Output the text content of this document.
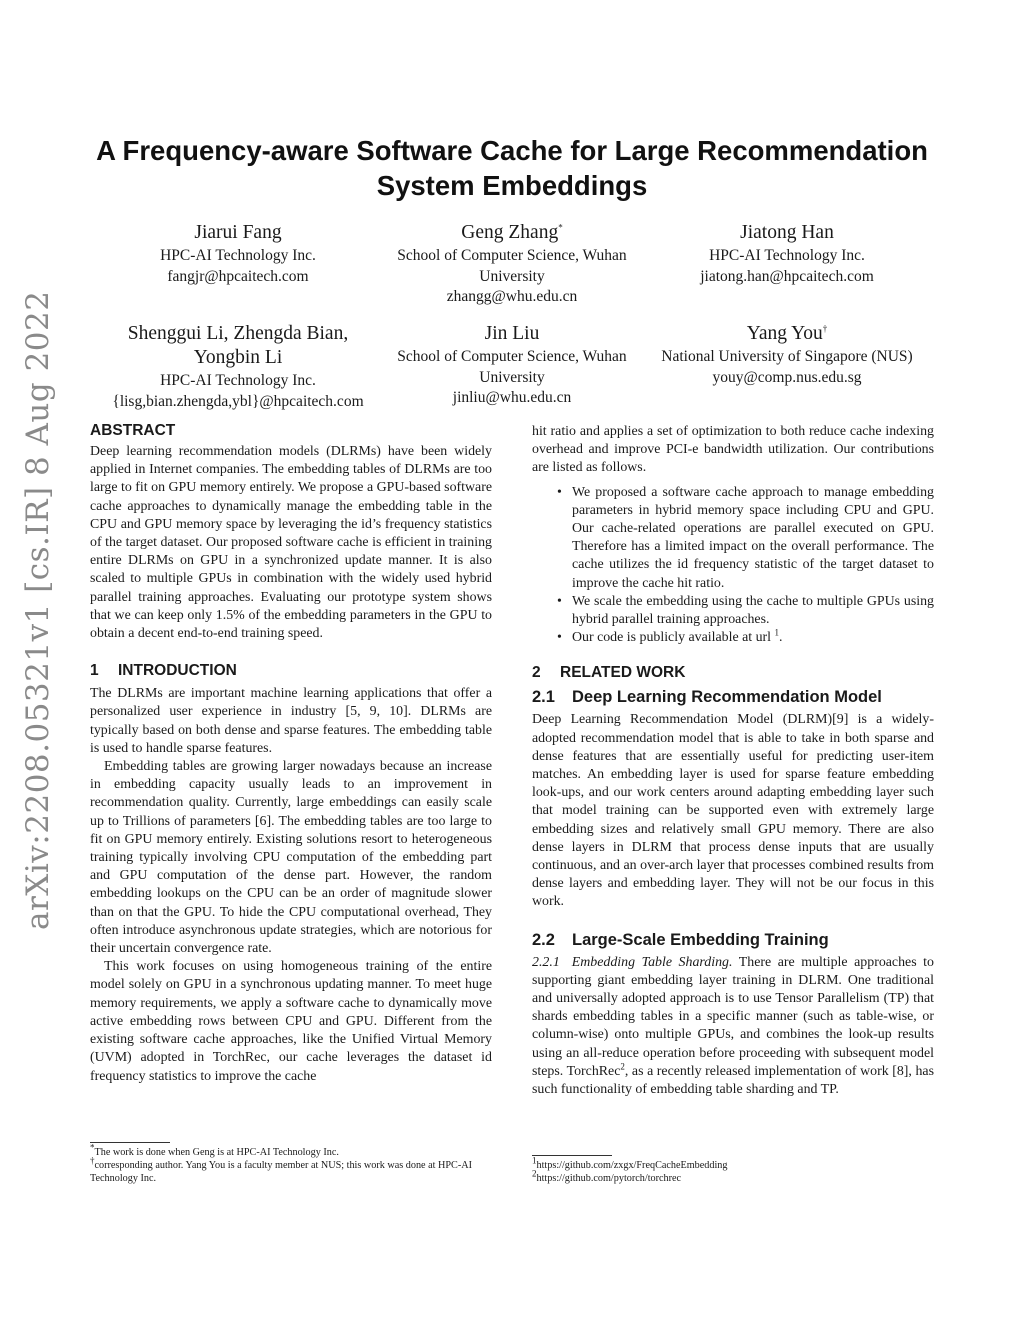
arXiv:2208.05321v1 [cs.IR] 8 Aug 2022
A Frequency-aware Software Cache for Large Recommendation System Embeddings
Jiarui Fang
HPC-AI Technology Inc.
fangjr@hpcaitech.com
Geng Zhang*
School of Computer Science, Wuhan University
zhangg@whu.edu.cn
Jiatong Han
HPC-AI Technology Inc.
jiatong.han@hpcaitech.com
Shenggui Li, Zhengda Bian, Yongbin Li
HPC-AI Technology Inc.
{lisg,bian.zhengda,ybl}@hpcaitech.com
Jin Liu
School of Computer Science, Wuhan University
jinliu@whu.edu.cn
Yang You†
National University of Singapore (NUS)
youy@comp.nus.edu.sg
ABSTRACT

Deep learning recommendation models (DLRMs) have been widely applied in Internet companies. The embedding tables of DLRMs are too large to fit on GPU memory entirely. We propose a GPU-based software cache approaches to dynamically manage the embedding table in the CPU and GPU memory space by leveraging the id’s frequency statistics of the target dataset. Our proposed software cache is efficient in training entire DLRMs on GPU in a synchronized update manner. It is also scaled to multiple GPUs in combination with the widely used hybrid parallel training approaches. Evaluating our prototype system shows that we can keep only 1.5% of the embedding parameters in the GPU to obtain a decent end-to-end training speed.

1 INTRODUCTION

The DLRMs are important machine learning applications that offer a personalized user experience in industry [5, 9, 10]. DLRMs are typically based on both dense and sparse features. The embedding table is used to handle sparse features.

Embedding tables are growing larger nowadays because an increase in embedding capacity usually leads to an improvement in recommendation quality. Currently, large embeddings can easily scale up to Trillions of parameters [6]. The embedding tables are too large to fit on GPU memory entirely. Existing solutions resort to heterogeneous training typically involving CPU computation of the embedding part and GPU computation of the dense part. However, the random embedding lookups on the CPU can be an order of magnitude slower than on that the GPU. To hide the CPU computational overhead, They often introduce asynchronous update strategies, which are notorious for their uncertain convergence rate.

This work focuses on using homogeneous training of the entire model solely on GPU in a synchronous updating manner. To meet huge memory requirements, we apply a software cache to dynamically move active embedding rows between CPU and GPU. Different from the existing software cache approaches, like the Unified Virtual Memory (UVM) adopted in TorchRec, our cache leverages the dataset id frequency statistics to improve the cache

*The work is done when Geng is at HPC-AI Technology Inc.
†corresponding author. Yang You is a faculty member at NUS; this work was done at HPC-AI Technology Inc.

hit ratio and applies a set of optimization to both reduce cache indexing overhead and improve PCI-e bandwidth utilization. Our contributions are listed as follows.

• We proposed a software cache approach to manage embedding parameters in hybrid memory space including CPU and GPU. Our cache-related operations are parallel executed on GPU. Therefore has a limited impact on the overall performance. The cache utilizes the id frequency statistic of the target dataset to improve the cache hit ratio.
• We scale the embedding using the cache to multiple GPUs using hybrid parallel training approaches.
• Our code is publicly available at url $^1$.
2 RELATED WORK
2.1 Deep Learning Recommendation Model

Deep Learning Recommendation Model (DLRM)[9] is a widely-adopted recommendation model that is able to take in both sparse and dense features that are essentially useful for predicting user-item matches. An embedding layer is used for sparse feature embedding look-ups, and our work centers around adapting embedding layer such that model training can be supported even with extremely large embedding sizes and relatively small GPU memory. There are also dense layers in DLRM that process dense inputs that are usually continuous, and an over-arch layer that processes combined results from dense layers and embedding layer. They will not be our focus in this work.

2.2 Large-Scale Embedding Training

2.2.1 Embedding Table Sharding. There are multiple approaches to supporting giant embedding layer training in DLRM. One traditional and universally adopted approach is to use Tensor Parallelism (TP) that shards embedding tables in a specific manner (such as table-wise, or column-wise) onto multiple GPUs, and combines the look-up results using an all-reduce operation before proceeding with subsequent model steps. TorchRec$^2$, as a recently released implementation of work [8], has such functionality of embedding table sharding and TP.

$^1$https://github.com/zxgx/FreqCacheEmbedding
$^2$https://github.com/pytorch/torchrec
